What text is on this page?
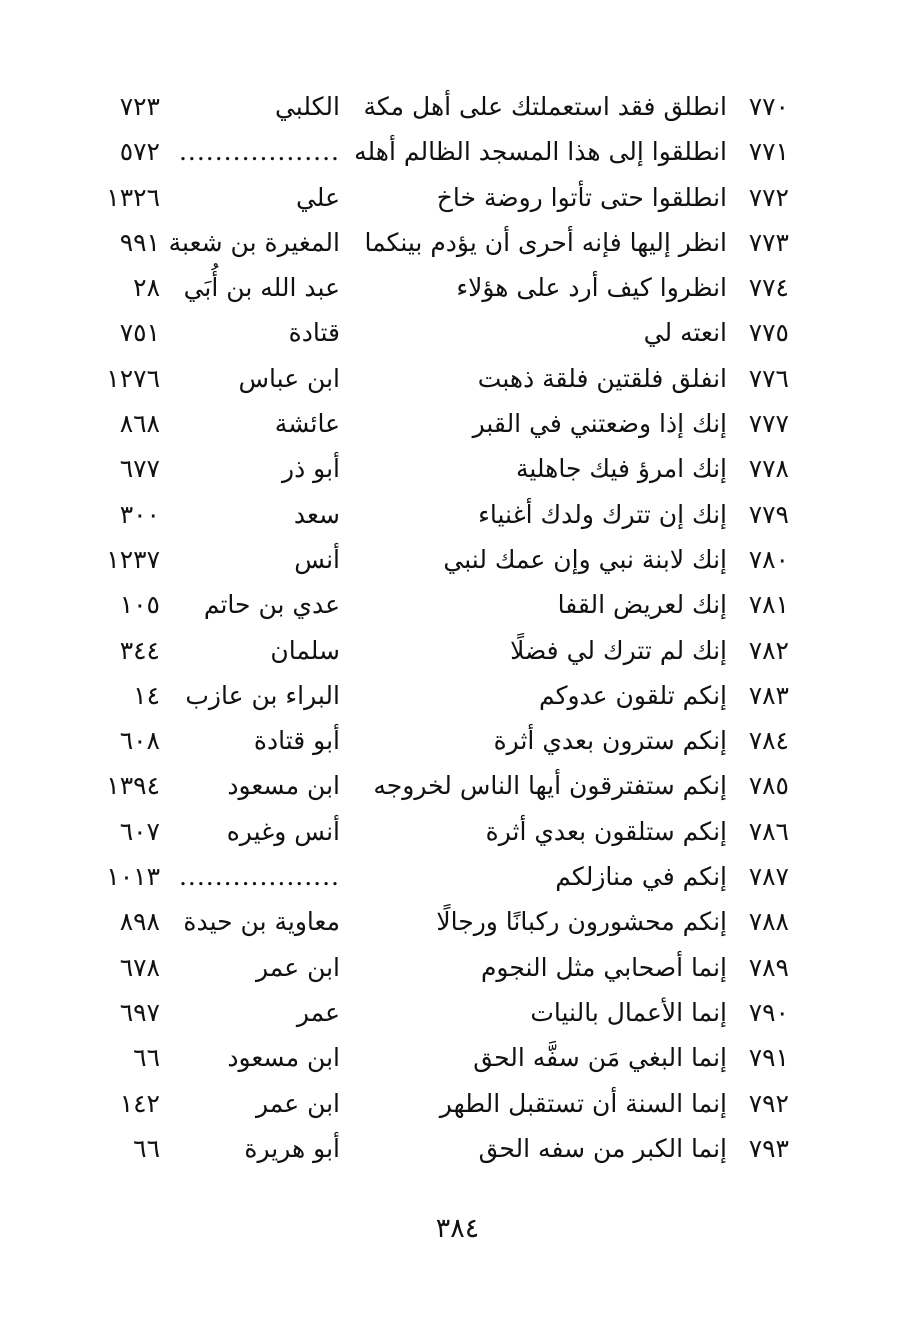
٧٧٠
انطلق فقد استعملتك على أهل مكة
الكلبي
٧٢٣
٧٧١
انطلقوا إلى هذا المسجد الظالم أهله
..................
٥٧٢
٧٧٢
انطلقوا حتى تأتوا روضة خاخ
علي
١٣٢٦
٧٧٣
انظر إليها فإنه أحرى أن يؤدم بينكما
المغيرة بن شعبة
٩٩١
٧٧٤
انظروا كيف أرد على هؤلاء
عبد الله بن أُبَي
٢٨
٧٧٥
انعته لي
قتادة
٧٥١
٧٧٦
انفلق فلقتين فلقة ذهبت
ابن عباس
١٢٧٦
٧٧٧
إنك إذا وضعتني في القبر
عائشة
٨٦٨
٧٧٨
إنك امرؤ فيك جاهلية
أبو ذر
٦٧٧
٧٧٩
إنك إن تترك ولدك أغنياء
سعد
٣٠٠
٧٨٠
إنك لابنة نبي وإن عمك لنبي
أنس
١٢٣٧
٧٨١
إنك لعريض القفا
عدي بن حاتم
١٠٥
٧٨٢
إنك لم تترك لي فضلًا
سلمان
٣٤٤
٧٨٣
إنكم تلقون عدوكم
البراء بن عازب
١٤
٧٨٤
إنكم سترون بعدي أثرة
أبو قتادة
٦٠٨
٧٨٥
إنكم ستفترقون أيها الناس لخروجه
ابن مسعود
١٣٩٤
٧٨٦
إنكم ستلقون بعدي أثرة
أنس وغيره
٦٠٧
٧٨٧
إنكم في منازلكم
..................
١٠١٣
٧٨٨
إنكم محشورون ركبانًا ورجالًا
معاوية بن حيدة
٨٩٨
٧٨٩
إنما أصحابي مثل النجوم
ابن عمر
٦٧٨
٧٩٠
إنما الأعمال بالنيات
عمر
٦٩٧
٧٩١
إنما البغي مَن سفَّه الحق
ابن مسعود
٦٦
٧٩٢
إنما السنة أن تستقبل الطهر
ابن عمر
١٤٢
٧٩٣
إنما الكبر من سفه الحق
أبو هريرة
٦٦
٣٨٤
